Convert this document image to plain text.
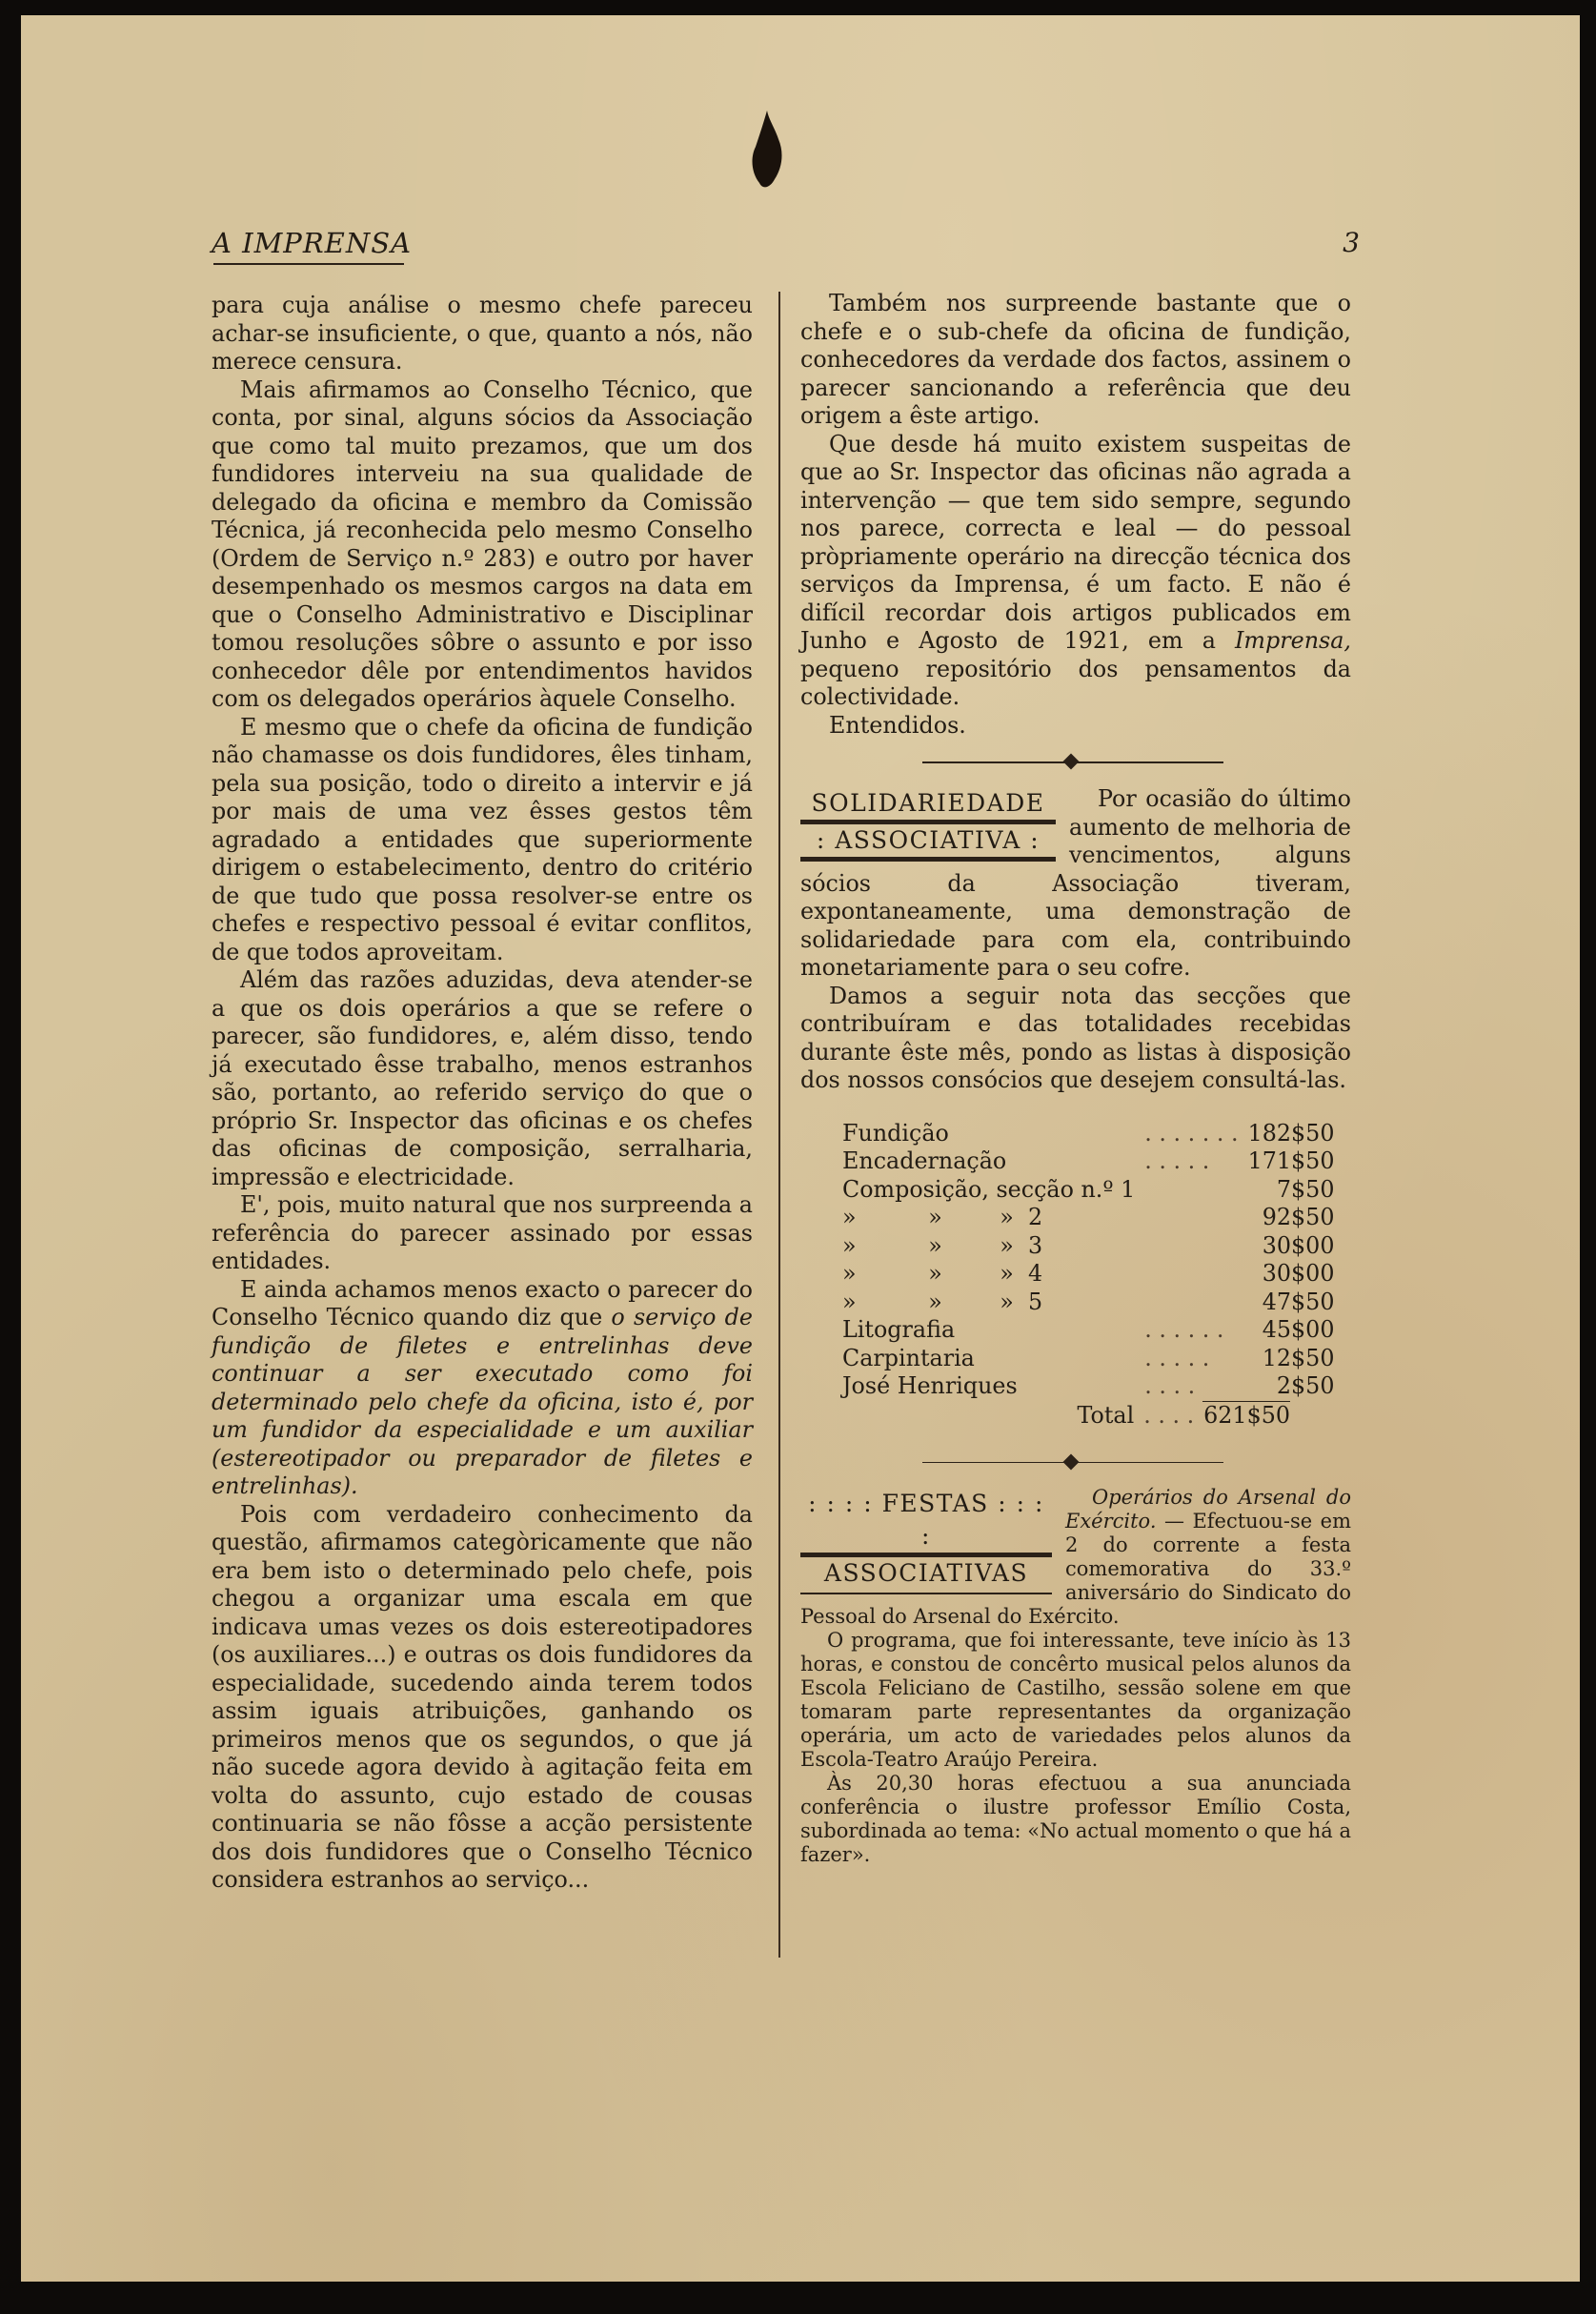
A IMPRENSA	3

para cuja análise o mesmo chefe pareceu achar-se insuficiente, o que, quanto a nós, não merece censura.

Mais afirmamos ao Conselho Técnico, que conta, por sinal, alguns sócios da Associação que como tal muito prezamos, que um dos fundidores interveiu na sua qualidade de delegado da oficina e membro da Comissão Técnica, já reconhecida pelo mesmo Conselho (Ordem de Serviço n.º 283) e outro por haver desempenhado os mesmos cargos na data em que o Conselho Administrativo e Disciplinar tomou resoluções sôbre o assunto e por isso conhecedor dêle por entendimentos havidos com os delegados operários àquele Conselho.

E mesmo que o chefe da oficina de fundição não chamasse os dois fundidores, êles tinham, pela sua posição, todo o direito a intervir e já por mais de uma vez êsses gestos têm agradado a entidades que superiormente dirigem o estabelecimento, dentro do critério de que tudo que possa resolver-se entre os chefes e respectivo pessoal é evitar conflitos, de que todos aproveitam.

Além das razões aduzidas, deva atender-se a que os dois operários a que se refere o parecer, são fundidores, e, além disso, tendo já executado êsse trabalho, menos estranhos são, portanto, ao referido serviço do que o próprio Sr. Inspector das oficinas e os chefes das oficinas de composição, serralharia, impressão e electricidade.

E', pois, muito natural que nos surpreenda a referência do parecer assinado por essas entidades.

E ainda achamos menos exacto o parecer do Conselho Técnico quando diz que o serviço de fundição de filetes e entrelinhas deve continuar a ser executado como foi determinado pelo chefe da oficina, isto é, por um fundidor da especialidade e um auxiliar (estereotipador ou preparador de filetes e entrelinhas).

Pois com verdadeiro conhecimento da questão, afirmamos categòricamente que não era bem isto o determinado pelo chefe, pois chegou a organizar uma escala em que indicava umas vezes os dois estereotipadores (os auxiliares...) e outras os dois fundidores da especialidade, sucedendo ainda terem todos assim iguais atribuições, ganhando os primeiros menos que os segundos, o que já não sucede agora devido à agitação feita em volta do assunto, cujo estado de cousas continuaria se não fôsse a acção persistente dos dois fundidores que o Conselho Técnico considera estranhos ao serviço...

Também nos surpreende bastante que o chefe e o sub-chefe da oficina de fundição, conhecedores da verdade dos factos, assinem o parecer sancionando a referência que deu origem a êste artigo.

Que desde há muito existem suspeitas de que ao Sr. Inspector das oficinas não agrada a intervenção — que tem sido sempre, segundo nos parece, correcta e leal — do pessoal pròpriamente operário na direcção técnica dos serviços da Imprensa, é um facto. E não é difícil recordar dois artigos publicados em Junho e Agosto de 1921, em a Imprensa, pequeno repositório dos pensamentos da colectividade.

Entendidos.

SOLIDARIEDADE
: ASSOCIATIVA :

Por ocasião do último aumento de melhoria de vencimentos, alguns sócios da Associação tiveram, expontaneamente, uma demonstração de solidariedade para com ela, contribuindo monetariamente para o seu cofre.

Damos a seguir nota das secções que contribuíram e das totalidades recebidas durante êste mês, pondo as listas à disposição dos nossos consócios que desejem consultá-las.

Fundição	. . . . . . .	182$50
Encadernação	. . . . .	171$50
Composição, secção n.º 1		7$50
»          »        »  2		92$50
»          »        »  3		30$00
»          »        »  4		30$00
»          »        »  5		47$50
Litografia	. . . . . .	45$00
Carpintaria	. . . . .	12$50
José Henriques	. . . .	2$50
Total	. . . .	621$50
: : : : FESTAS : : : :
ASSOCIATIVAS

Operários do Arsenal do Exército. — Efectuou-se em 2 do corrente a festa comemorativa do 33.º aniversário do Sindicato do Pessoal do Arsenal do Exército.

O programa, que foi interessante, teve início às 13 horas, e constou de concêrto musical pelos alunos da Escola Feliciano de Castilho, sessão solene em que tomaram parte representantes da organização operária, um acto de variedades pelos alunos da Escola-Teatro Araújo Pereira.

Às 20,30 horas efectuou a sua anunciada conferência o ilustre professor Emílio Costa, subordinada ao tema: «No actual momento o que há a fazer».
